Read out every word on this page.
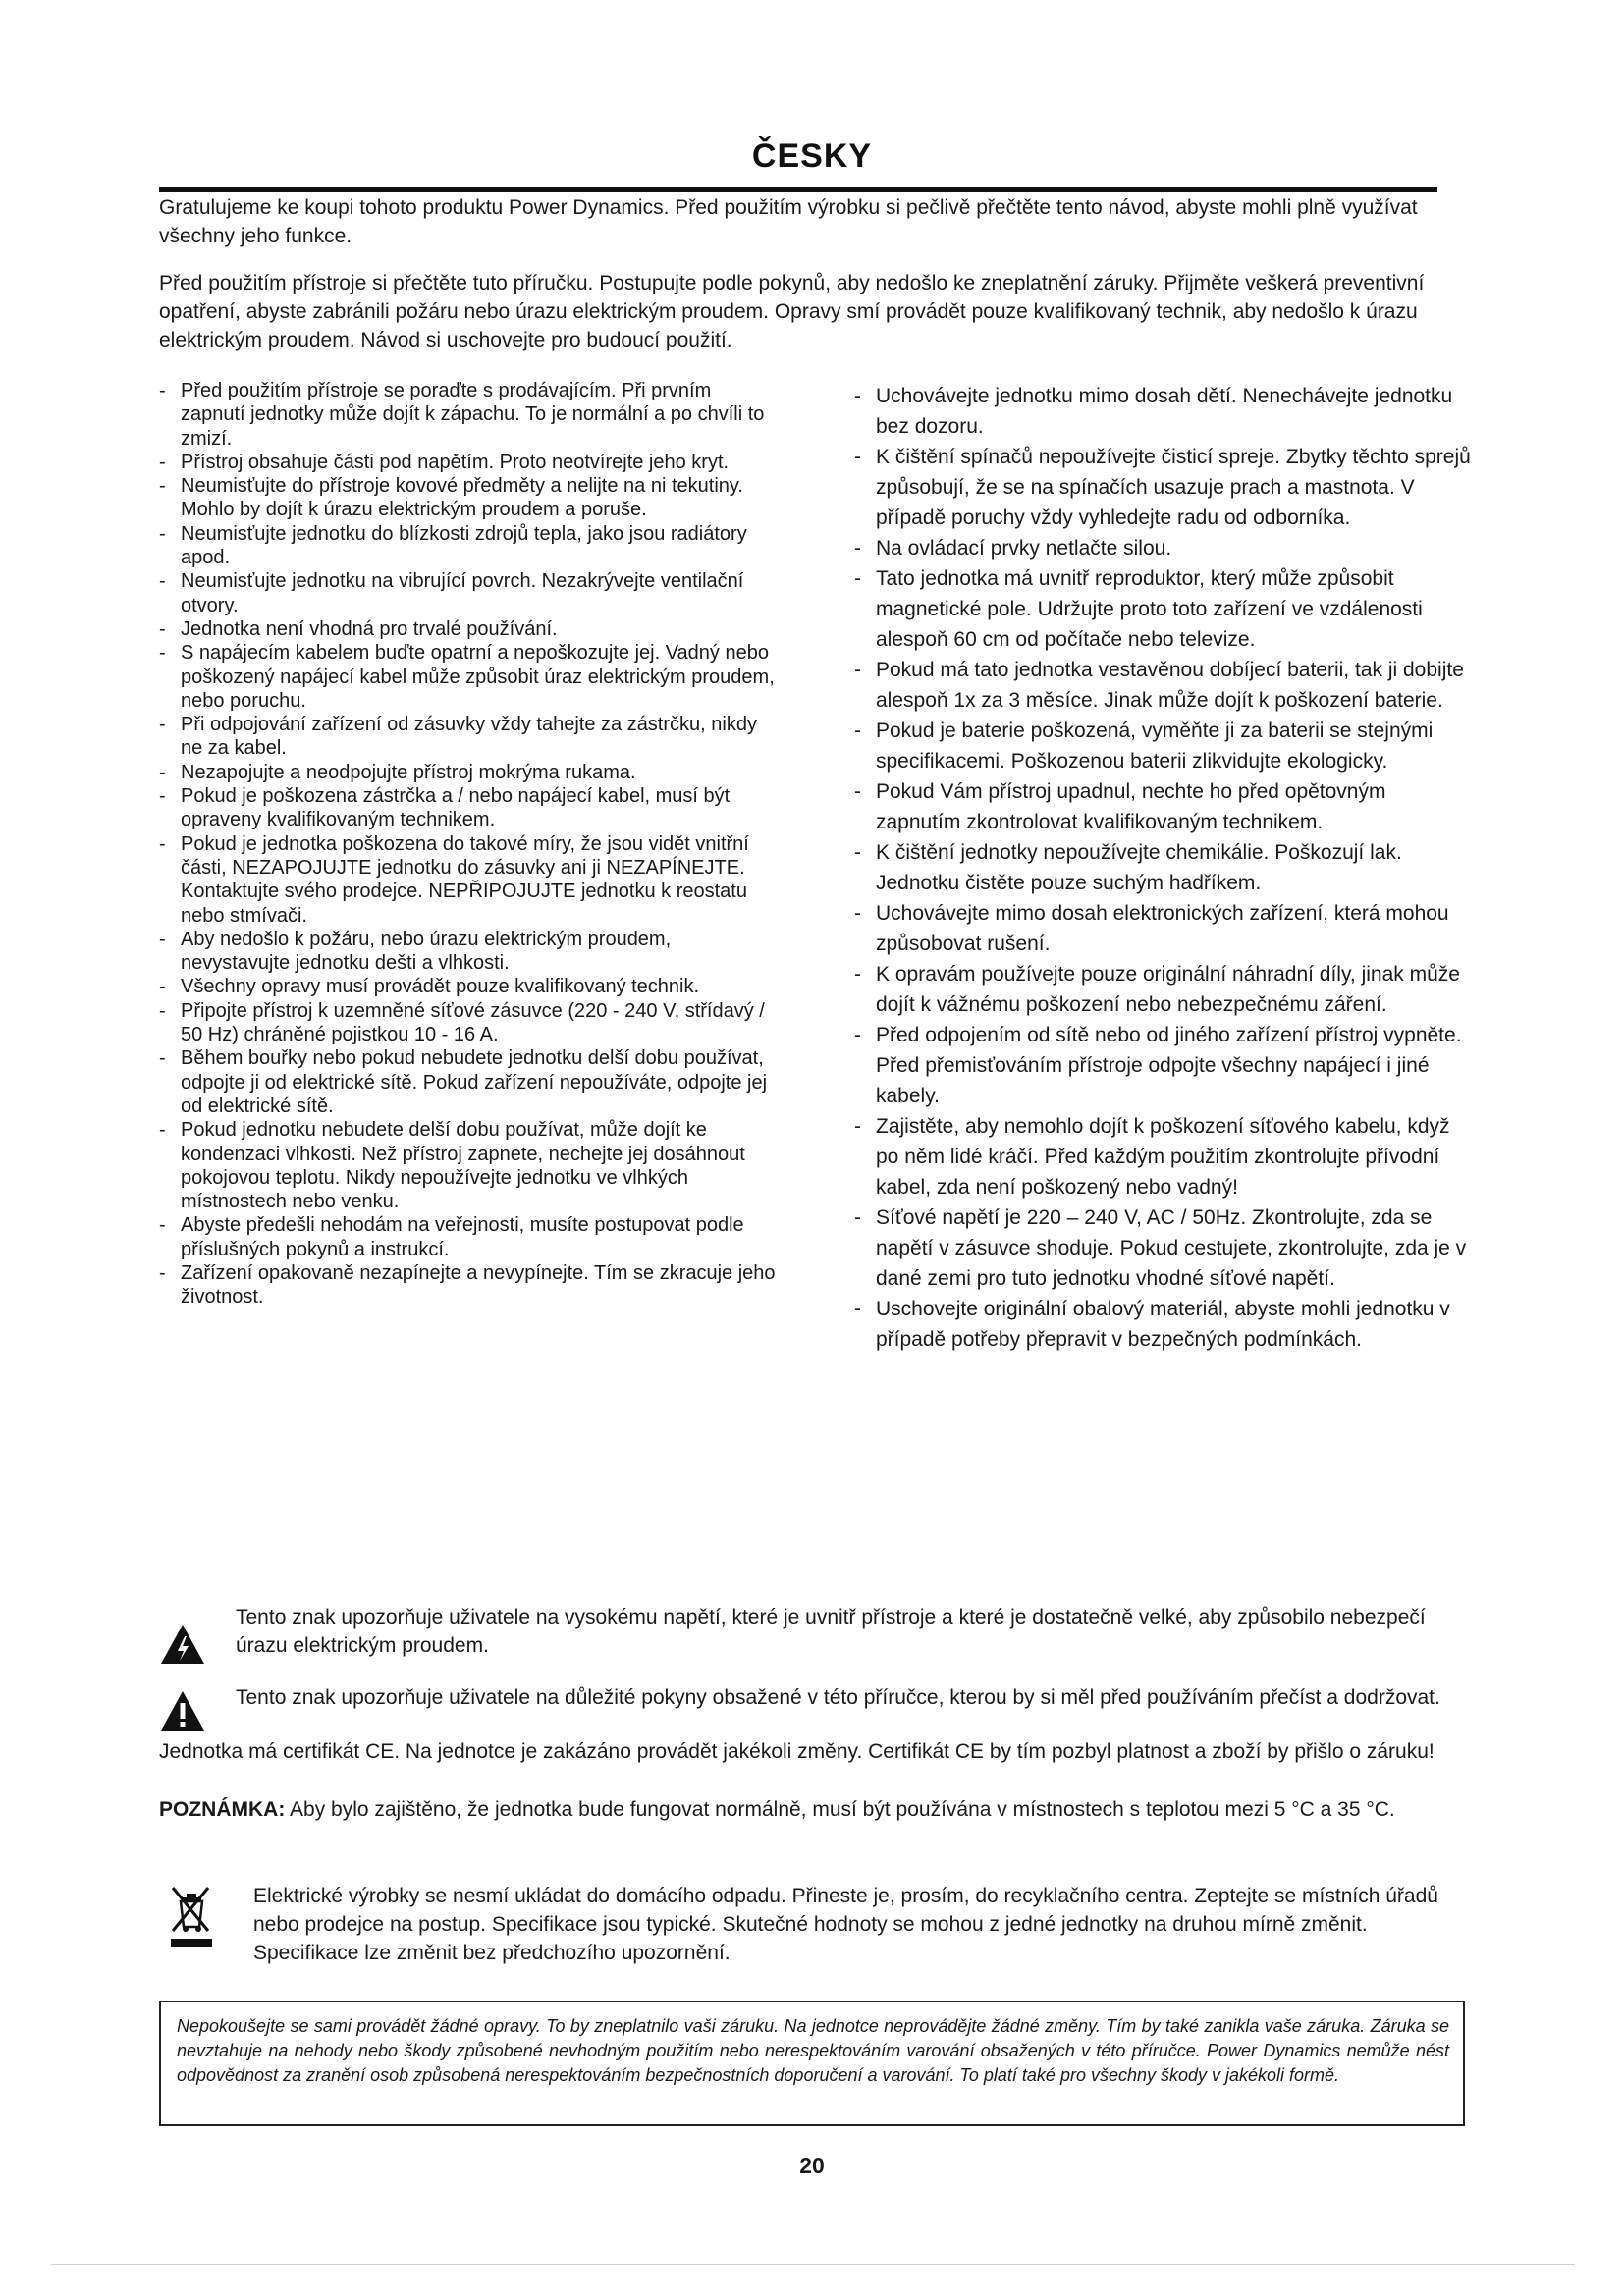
ČESKY

Gratulujeme ke koupi tohoto produktu Power Dynamics. Před použitím výrobku si pečlivě přečtěte tento návod, abyste mohli plně využívat všechny jeho funkce.

Před použitím přístroje si přečtěte tuto příručku. Postupujte podle pokynů, aby nedošlo ke zneplatnění záruky. Přijměte veškerá preventivní opatření, abyste zabránili požáru nebo úrazu elektrickým proudem. Opravy smí provádět pouze kvalifikovaný technik, aby nedošlo k úrazu elektrickým proudem. Návod si uschovejte pro budoucí použití.

- Před použitím přístroje se poraďte s prodávajícím. Při prvním zapnutí jednotky může dojít k zápachu. To je normální a po chvíli to zmizí.
- Přístroj obsahuje části pod napětím. Proto neotvírejte jeho kryt.
- Neumisťujte do přístroje kovové předměty a nelijte na ni tekutiny. Mohlo by dojít k úrazu elektrickým proudem a poruše.
- Neumisťujte jednotku do blízkosti zdrojů tepla, jako jsou radiátory apod.
- Neumisťujte jednotku na vibrující povrch. Nezakrývejte ventilační otvory.
- Jednotka není vhodná pro trvalé používání.
- S napájecím kabelem buďte opatrní a nepoškozujte jej. Vadný nebo poškozený napájecí kabel může způsobit úraz elektrickým proudem, nebo poruchu.
- Při odpojování zařízení od zásuvky vždy tahejte za zástrčku, nikdy ne za kabel.
- Nezapojujte a neodpojujte přístroj mokrýma rukama.
- Pokud je poškozena zástrčka a / nebo napájecí kabel, musí být opraveny kvalifikovaným technikem.
- Pokud je jednotka poškozena do takové míry, že jsou vidět vnitřní části, NEZAPOJUJTE jednotku do zásuvky ani ji NEZAPÍNEJTE. Kontaktujte svého prodejce. NEPŘIPOJUJTE jednotku k reostatu nebo stmívači.
- Aby nedošlo k požáru, nebo úrazu elektrickým proudem, nevystavujte jednotku dešti a vlhkosti.
- Všechny opravy musí provádět pouze kvalifikovaný technik.
- Připojte přístroj k uzemněné síťové zásuvce (220 - 240 V, střídavý / 50 Hz) chráněné pojistkou 10 - 16 A.
- Během bouřky nebo pokud nebudete jednotku delší dobu používat, odpojte ji od elektrické sítě. Pokud zařízení nepoužíváte, odpojte jej od elektrické sítě.
- Pokud jednotku nebudete delší dobu používat, může dojít ke kondenzaci vlhkosti. Než přístroj zapnete, nechejte jej dosáhnout pokojovou teplotu. Nikdy nepoužívejte jednotku ve vlhkých místnostech nebo venku.
- Abyste předešli nehodám na veřejnosti, musíte postupovat podle příslušných pokynů a instrukcí.
- Zařízení opakovaně nezapínejte a nevypínejte. Tím se zkracuje jeho životnost.
- Uchovávejte jednotku mimo dosah dětí. Nenechávejte jednotku bez dozoru.
- K čištění spínačů nepoužívejte čisticí spreje. Zbytky těchto sprejů způsobují, že se na spínačích usazuje prach a mastnota. V případě poruchy vždy vyhledejte radu od odborníka.
- Na ovládací prvky netlačte silou.
- Tato jednotka má uvnitř reproduktor, který může způsobit magnetické pole. Udržujte proto toto zařízení ve vzdálenosti alespoň 60 cm od počítače nebo televize.
- Pokud má tato jednotka vestavěnou dobíjecí baterii, tak ji dobijte alespoň 1x za 3 měsíce. Jinak může dojít k poškození baterie.
- Pokud je baterie poškozená, vyměňte ji za baterii se stejnými specifikacemi. Poškozenou baterii zlikvidujte ekologicky.
- Pokud Vám přístroj upadnul, nechte ho před opětovným zapnutím zkontrolovat kvalifikovaným technikem.
- K čištění jednotky nepoužívejte chemikálie. Poškozují lak. Jednotku čistěte pouze suchým hadříkem.
- Uchovávejte mimo dosah elektronických zařízení, která mohou způsobovat rušení.
- K opravám používejte pouze originální náhradní díly, jinak může dojít k vážnému poškození nebo nebezpečnému záření.
- Před odpojením od sítě nebo od jiného zařízení přístroj vypněte. Před přemisťováním přístroje odpojte všechny napájecí i jiné kabely.
- Zajistěte, aby nemohlo dojít k poškození síťového kabelu, když po něm lidé kráčí. Před každým použitím zkontrolujte přívodní kabel, zda není poškozený nebo vadný!
- Síťové napětí je 220 – 240 V, AC / 50Hz. Zkontrolujte, zda se napětí v zásuvce shoduje. Pokud cestujete, zkontrolujte, zda je v dané zemi pro tuto jednotku vhodné síťové napětí.
- Uschovejte originální obalový materiál, abyste mohli jednotku v případě potřeby přepravit v bezpečných podmínkách.
Tento znak upozorňuje uživatele na vysokému napětí, které je uvnitř přístroje a které je dostatečně velké, aby způsobilo nebezpečí úrazu elektrickým proudem.
Tento znak upozorňuje uživatele na důležité pokyny obsažené v této příručce, kterou by si měl před používáním přečíst a dodržovat.

Jednotka má certifikát CE. Na jednotce je zakázáno provádět jakékoli změny. Certifikát CE by tím pozbyl platnost a zboží by přišlo o záruku!

POZNÁMKA: Aby bylo zajištěno, že jednotka bude fungovat normálně, musí být používána v místnostech s teplotou mezi 5 °C a 35 °C.

Elektrické výrobky se nesmí ukládat do domácího odpadu. Přineste je, prosím, do recyklačního centra. Zeptejte se místních úřadů nebo prodejce na postup. Specifikace jsou typické. Skutečné hodnoty se mohou z jedné jednotky na druhou mírně změnit. Specifikace lze změnit bez předchozího upozornění.

Nepokoušejte se sami provádět žádné opravy. To by zneplatnilo vaši záruku. Na jednotce neprovádějte žádné změny. Tím by také zanikla vaše záruka. Záruka se nevztahuje na nehody nebo škody způsobené nevhodným použitím nebo nerespektováním varování obsažených v této příručce. Power Dynamics nemůže nést odpovědnost za zranění osob způsobená nerespektováním bezpečnostních doporučení a varování. To platí také pro všechny škody v jakékoli formě.

20
